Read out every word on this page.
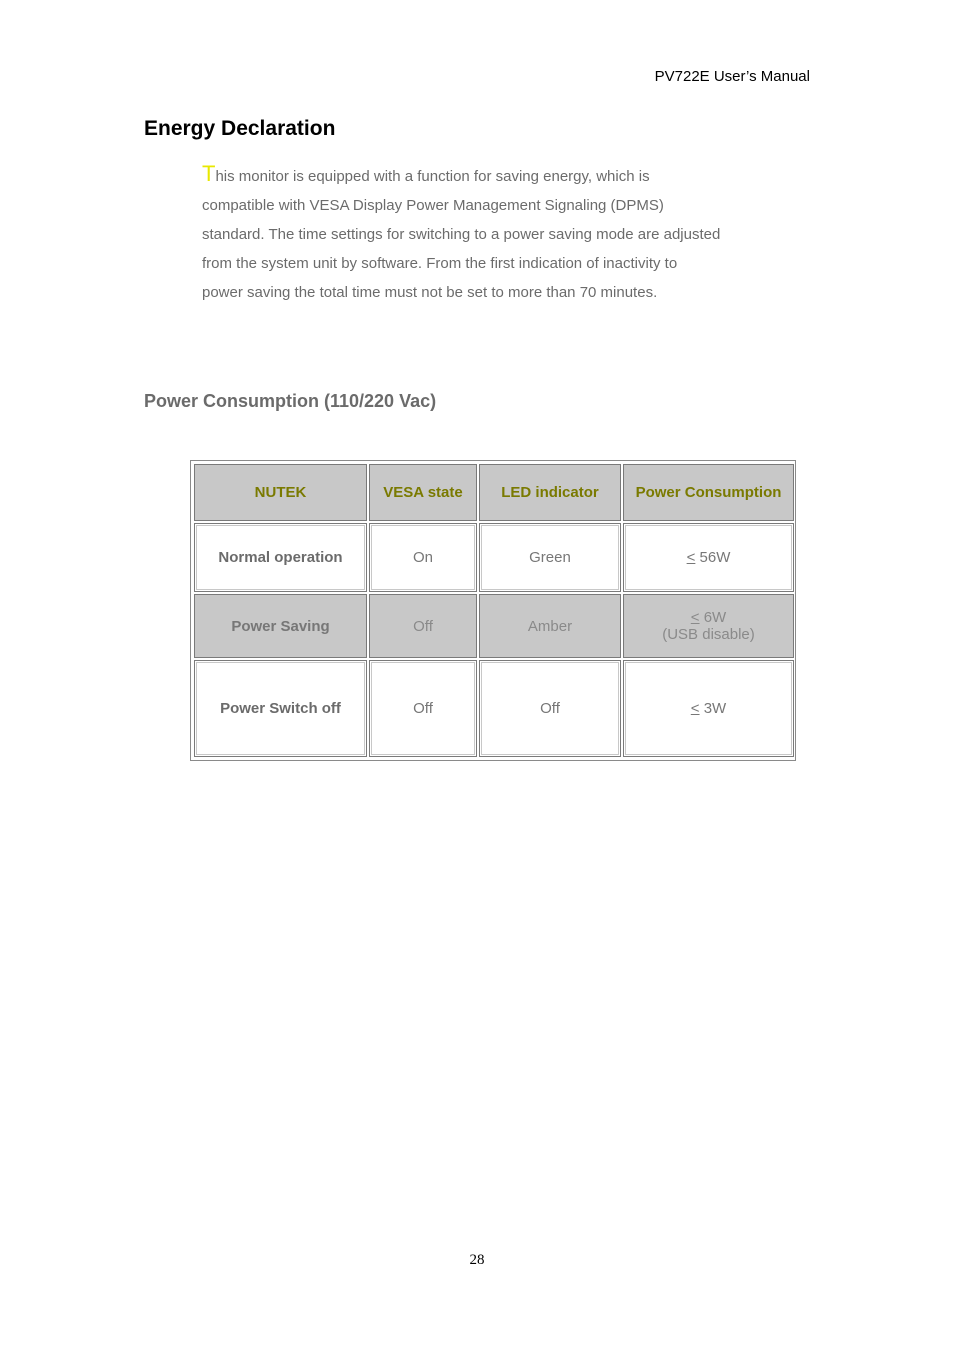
PV722E User’s Manual
Energy Declaration
This monitor is equipped with a function for saving energy, which is compatible with VESA Display Power Management Signaling (DPMS) standard. The time settings for switching to a power saving mode are adjusted from the system unit by software. From the first indication of inactivity to power saving the total time must not be set to more than 70 minutes.
Power Consumption (110/220 Vac)
NUTEK	VESA state	LED indicator	Power Consumption
Normal operation	On	Green	≤ 56W
Power Saving	Off	Amber	≤ 6W
(USB disable)
Power Switch off	Off	Off	≤ 3W
28
